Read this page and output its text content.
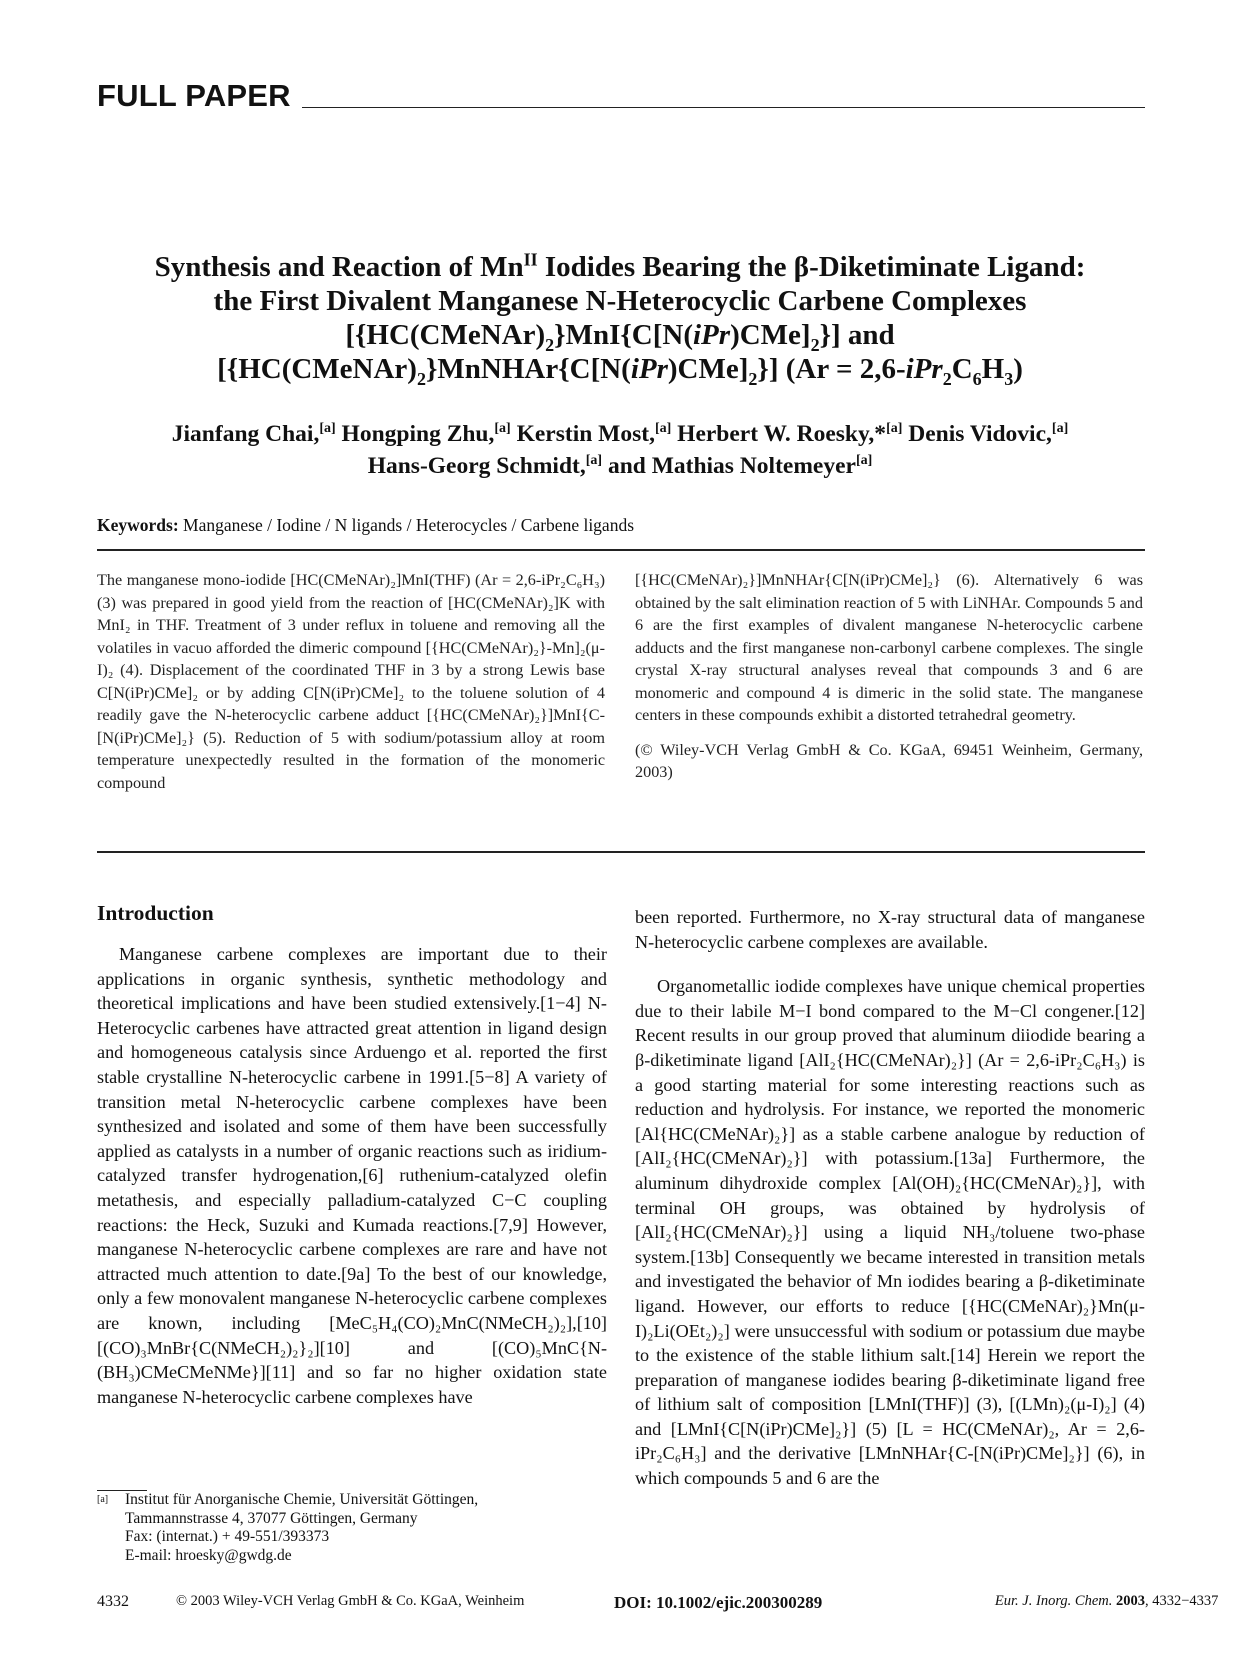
FULL PAPER
Synthesis and Reaction of $Mn^{II}$ Iodides Bearing the β-Diketiminate Ligand:
the First Divalent Manganese N-Heterocyclic Carbene Complexes
$[\{HC(CMeNAr)_2\}MnI\{C[N(iPr)CMe]_2\}]$ and
$[\{HC(CMeNAr)_2\}MnNHAr\{C[N(iPr)CMe]_2\}] (Ar = 2,6-iPr_2C_6H_3)$
Jianfang Chai,[a] Hongping Zhu,[a] Kerstin Most,[a] Herbert W. Roesky,*[a] Denis Vidovic,[a]
Hans-Georg Schmidt,[a] and Mathias Noltemeyer[a]
Keywords: Manganese / Iodine / N ligands / Heterocycles / Carbene ligands

The manganese mono-iodide [HC(CMeNAr)₂]MnI(THF) (Ar = 2,6-iPr₂C₆H₃) (3) was prepared in good yield from the reaction of [HC(CMeNAr)₂]K with MnI₂ in THF. Treatment of 3 under reflux in toluene and removing all the volatiles in vacuo afforded the dimeric compound [{HC(CMeNAr)₂}-Mn]₂(μ-I)₂ (4). Displacement of the coordinated THF in 3 by a strong Lewis base C[N(iPr)CMe]₂ or by adding C[N(iPr)CMe]₂ to the toluene solution of 4 readily gave the N-heterocyclic carbene adduct [{HC(CMeNAr)₂}]MnI{C-[N(iPr)CMe]₂} (5). Reduction of 5 with sodium/potassium alloy at room temperature unexpectedly resulted in the formation of the monomeric compound

[{HC(CMeNAr)₂}]MnNHAr{C[N(iPr)CMe]₂} (6). Alternatively 6 was obtained by the salt elimination reaction of 5 with LiNHAr. Compounds 5 and 6 are the first examples of divalent manganese N-heterocyclic carbene adducts and the first manganese non-carbonyl carbene complexes. The single crystal X-ray structural analyses reveal that compounds 3 and 6 are monomeric and compound 4 is dimeric in the solid state. The manganese centers in these compounds exhibit a distorted tetrahedral geometry.

(© Wiley-VCH Verlag GmbH & Co. KGaA, 69451 Weinheim, Germany, 2003)

Introduction

Manganese carbene complexes are important due to their applications in organic synthesis, synthetic methodology and theoretical implications and have been studied extensively.[1−4] N-Heterocyclic carbenes have attracted great attention in ligand design and homogeneous catalysis since Arduengo et al. reported the first stable crystalline N-heterocyclic carbene in 1991.[5−8] A variety of transition metal N-heterocyclic carbene complexes have been synthesized and isolated and some of them have been successfully applied as catalysts in a number of organic reactions such as iridium-catalyzed transfer hydrogenation,[6] ruthenium-catalyzed olefin metathesis, and especially palladium-catalyzed C−C coupling reactions: the Heck, Suzuki and Kumada reactions.[7,9] However, manganese N-heterocyclic carbene complexes are rare and have not attracted much attention to date.[9a] To the best of our knowledge, only a few monovalent manganese N-heterocyclic carbene complexes are known, including [MeC₅H₄(CO)₂MnC(NMeCH₂)₂],[10] [(CO)₃MnBr{C(NMeCH₂)₂}₂][10] and [(CO)₅MnC{N-(BH₃)CMeCMeNMe}][11] and so far no higher oxidation state manganese N-heterocyclic carbene complexes have

been reported. Furthermore, no X-ray structural data of manganese N-heterocyclic carbene complexes are available.

Organometallic iodide complexes have unique chemical properties due to their labile M−I bond compared to the M−Cl congener.[12] Recent results in our group proved that aluminum diiodide bearing a β-diketiminate ligand [AlI₂{HC(CMeNAr)₂}] (Ar = 2,6-iPr₂C₆H₃) is a good starting material for some interesting reactions such as reduction and hydrolysis. For instance, we reported the monomeric [Al{HC(CMeNAr)₂}] as a stable carbene analogue by reduction of [AlI₂{HC(CMeNAr)₂}] with potassium.[13a] Furthermore, the aluminum dihydroxide complex [Al(OH)₂{HC(CMeNAr)₂}], with terminal OH groups, was obtained by hydrolysis of [AlI₂{HC(CMeNAr)₂}] using a liquid NH₃/toluene two-phase system.[13b] Consequently we became interested in transition metals and investigated the behavior of Mn iodides bearing a β-diketiminate ligand. However, our efforts to reduce [{HC(CMeNAr)₂}Mn(μ-I)₂Li(OEt₂)₂] were unsuccessful with sodium or potassium due maybe to the existence of the stable lithium salt.[14] Herein we report the preparation of manganese iodides bearing β-diketiminate ligand free of lithium salt of composition [LMnI(THF)] (3), [(LMn)₂(μ-I)₂] (4) and [LMnI{C[N(iPr)CMe]₂}] (5) [L = HC(CMeNAr)₂, Ar = 2,6-iPr₂C₆H₃] and the derivative [LMnNHAr{C-[N(iPr)CMe]₂}] (6), in which compounds 5 and 6 are the

[a] Institut für Anorganische Chemie, Universität Göttingen,
Tammannstrasse 4, 37077 Göttingen, Germany
Fax: (internat.) + 49-551/393373
E-mail: hroesky@gwdg.de
4332	© 2003 Wiley-VCH Verlag GmbH & Co. KGaA, Weinheim	DOI: 10.1002/ejic.200300289	Eur. J. Inorg. Chem. 2003 , 4332−4337
